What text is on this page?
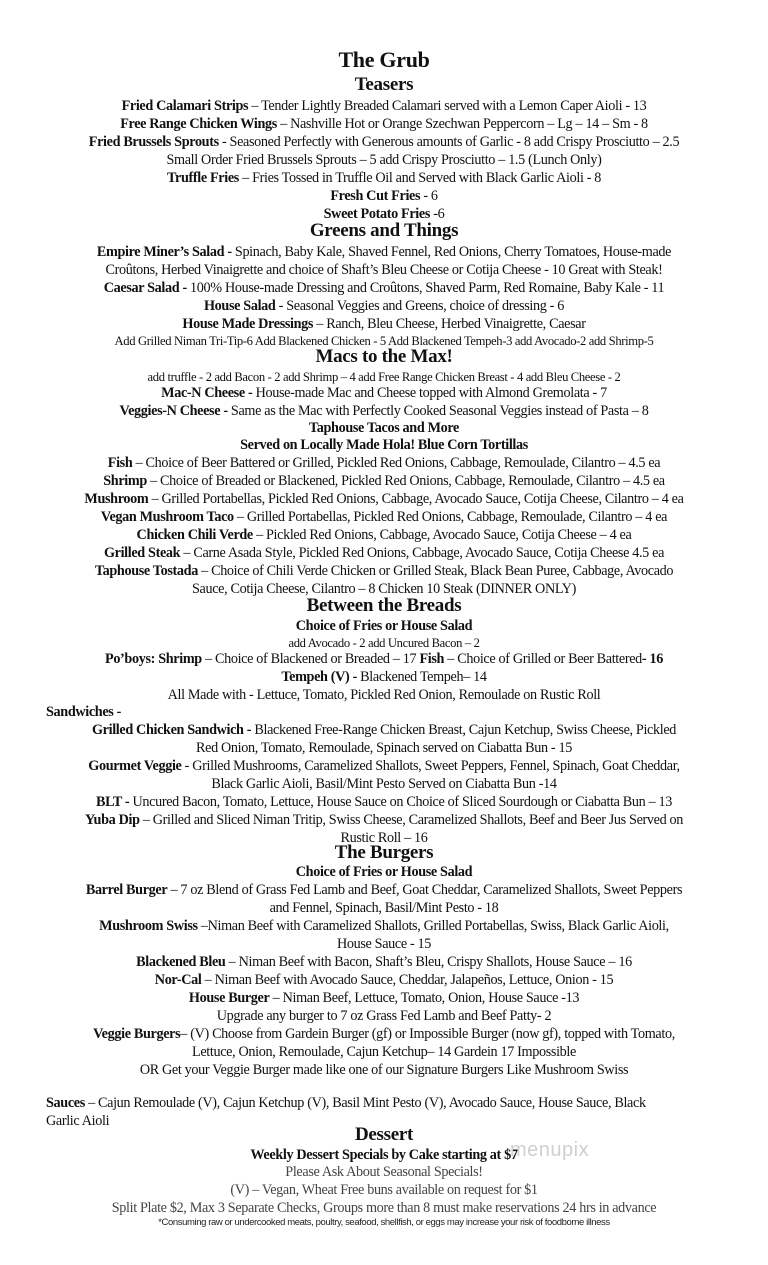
The Grub
Teasers
Fried Calamari Strips – Tender Lightly Breaded Calamari served with a Lemon Caper Aioli - 13
Free Range Chicken Wings – Nashville Hot or Orange Szechwan Peppercorn – Lg – 14 – Sm - 8
Fried Brussels Sprouts - Seasoned Perfectly with Generous amounts of Garlic - 8 add Crispy Prosciutto – 2.5
Small Order Fried Brussels Sprouts – 5 add Crispy Prosciutto – 1.5 (Lunch Only)
Truffle Fries – Fries Tossed in Truffle Oil and Served with Black Garlic Aioli - 8
Fresh Cut Fries - 6
Sweet Potato Fries -6
Greens and Things
Empire Miner’s Salad - Spinach, Baby Kale, Shaved Fennel, Red Onions, Cherry Tomatoes, House-made
Croûtons, Herbed Vinaigrette and choice of Shaft’s Bleu Cheese or Cotija Cheese - 10 Great with Steak!
Caesar Salad - 100% House-made Dressing and Croûtons, Shaved Parm, Red Romaine, Baby Kale - 11
House Salad - Seasonal Veggies and Greens, choice of dressing - 6
House Made Dressings – Ranch, Bleu Cheese, Herbed Vinaigrette, Caesar
Add Grilled Niman Tri-Tip-6 Add Blackened Chicken - 5 Add Blackened Tempeh-3 add Avocado-2 add Shrimp-5
Macs to the Max!
add truffle - 2 add Bacon - 2 add Shrimp – 4 add Free Range Chicken Breast - 4 add Bleu Cheese - 2
Mac-N Cheese - House-made Mac and Cheese topped with Almond Gremolata - 7
Veggies-N Cheese - Same as the Mac with Perfectly Cooked Seasonal Veggies instead of Pasta – 8
Taphouse Tacos and More
Served on Locally Made Hola! Blue Corn Tortillas
Fish – Choice of Beer Battered or Grilled, Pickled Red Onions, Cabbage, Remoulade, Cilantro – 4.5 ea
Shrimp – Choice of Breaded or Blackened, Pickled Red Onions, Cabbage, Remoulade, Cilantro – 4.5 ea
Mushroom – Grilled Portabellas, Pickled Red Onions, Cabbage, Avocado Sauce, Cotija Cheese, Cilantro – 4 ea
Vegan Mushroom Taco – Grilled Portabellas, Pickled Red Onions, Cabbage, Remoulade, Cilantro – 4 ea
Chicken Chili Verde – Pickled Red Onions, Cabbage, Avocado Sauce, Cotija Cheese – 4 ea
Grilled Steak – Carne Asada Style, Pickled Red Onions, Cabbage, Avocado Sauce, Cotija Cheese 4.5 ea
Taphouse Tostada – Choice of Chili Verde Chicken or Grilled Steak, Black Bean Puree, Cabbage, Avocado
Sauce, Cotija Cheese, Cilantro – 8 Chicken 10 Steak (DINNER ONLY)
Between the Breads
Choice of Fries or House Salad
add Avocado - 2 add Uncured Bacon – 2
Po’boys: Shrimp – Choice of Blackened or Breaded – 17 Fish – Choice of Grilled or Beer Battered- 16
Tempeh (V) - Blackened Tempeh– 14
All Made with - Lettuce, Tomato, Pickled Red Onion, Remoulade on Rustic Roll
Sandwiches -
Grilled Chicken Sandwich - Blackened Free-Range Chicken Breast, Cajun Ketchup, Swiss Cheese, Pickled
Red Onion, Tomato, Remoulade, Spinach served on Ciabatta Bun - 15
Gourmet Veggie - Grilled Mushrooms, Caramelized Shallots, Sweet Peppers, Fennel, Spinach, Goat Cheddar,
Black Garlic Aioli, Basil/Mint Pesto Served on Ciabatta Bun -14
BLT - Uncured Bacon, Tomato, Lettuce, House Sauce on Choice of Sliced Sourdough or Ciabatta Bun – 13
Yuba Dip – Grilled and Sliced Niman Tritip, Swiss Cheese, Caramelized Shallots, Beef and Beer Jus Served on
Rustic Roll – 16
The Burgers
Choice of Fries or House Salad
Barrel Burger – 7 oz Blend of Grass Fed Lamb and Beef, Goat Cheddar, Caramelized Shallots, Sweet Peppers
and Fennel, Spinach, Basil/Mint Pesto - 18
Mushroom Swiss –Niman Beef with Caramelized Shallots, Grilled Portabellas, Swiss, Black Garlic Aioli,
House Sauce - 15
Blackened Bleu – Niman Beef with Bacon, Shaft’s Bleu, Crispy Shallots, House Sauce – 16
Nor-Cal – Niman Beef with Avocado Sauce, Cheddar, Jalapeños, Lettuce, Onion - 15
House Burger – Niman Beef, Lettuce, Tomato, Onion, House Sauce -13
Upgrade any burger to 7 oz Grass Fed Lamb and Beef Patty- 2
Veggie Burgers– (V) Choose from Gardein Burger (gf) or Impossible Burger (now gf), topped with Tomato,
Lettuce, Onion, Remoulade, Cajun Ketchup– 14 Gardein 17 Impossible
OR Get your Veggie Burger made like one of our Signature Burgers Like Mushroom Swiss
Sauces – Cajun Remoulade (V), Cajun Ketchup (V), Basil Mint Pesto (V), Avocado Sauce, House Sauce, Black
Garlic Aioli
Dessert
Weekly Dessert Specials by Cake starting at $7
Please Ask About Seasonal Specials!
(V) – Vegan, Wheat Free buns available on request for $1
Split Plate $2, Max 3 Separate Checks, Groups more than 8 must make reservations 24 hrs in advance
*Consuming raw or undercooked meats, poultry, seafood, shellfish, or eggs may increase your risk of foodborne illness
menupix
